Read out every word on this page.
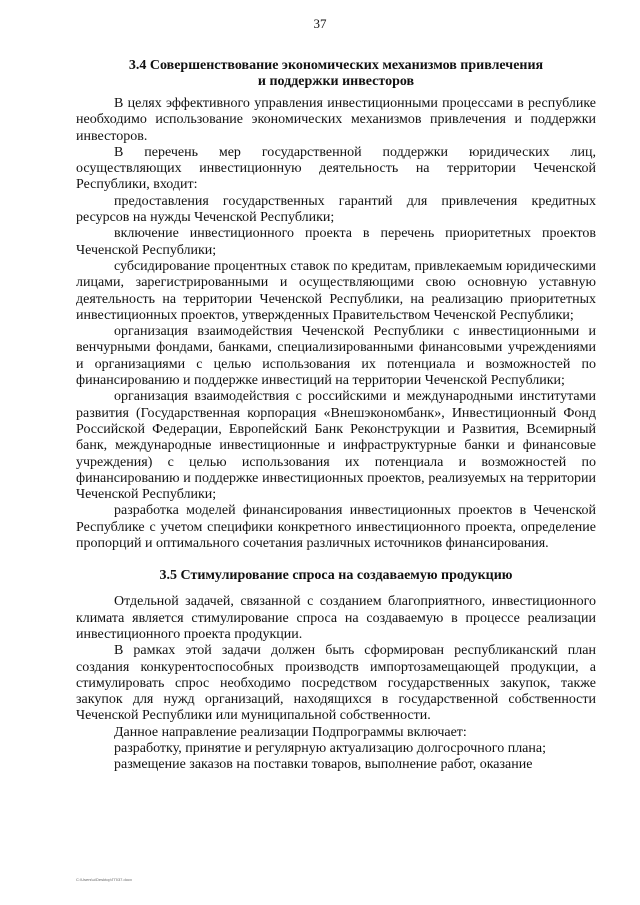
37
3.4 Совершенствование экономических механизмов привлечения
и поддержки инвесторов

В целях эффективного управления инвестиционными процессами в республике необходимо использование экономических механизмов привлечения и поддержки инвесторов.

В перечень мер государственной поддержки юридических лиц, осуществляющих инвестиционную деятельность на территории Чеченской Республики, входит:

предоставления государственных гарантий для привлечения кредитных ресурсов на нужды Чеченской Республики;

включение инвестиционного проекта в перечень приоритетных проектов Чеченской Республики;

субсидирование процентных ставок по кредитам, привлекаемым юридическими лицами, зарегистрированными и осуществляющими свою основную уставную деятельность на территории Чеченской Республики, на реализацию приоритетных инвестиционных проектов, утвержденных Правительством Чеченской Республики;

организация взаимодействия Чеченской Республики с инвестиционными и венчурными фондами, банками, специализированными финансовыми учреждениями и организациями с целью использования их потенциала и возможностей по финансированию и поддержке инвестиций на территории Чеченской Республики;

организация взаимодействия с российскими и международными институтами развития (Государственная корпорация «Внешэкономбанк», Инвестиционный Фонд Российской Федерации, Европейский Банк Реконструкции и Развития, Всемирный банк, международные инвестиционные и инфраструктурные банки и финансовые учреждения) с целью использования их потенциала и возможностей по финансированию и поддержке инвестиционных проектов, реализуемых на территории Чеченской Республики;

разработка моделей финансирования инвестиционных проектов в Чеченской Республике с учетом специфики конкретного инвестиционного проекта, определение пропорций и оптимального сочетания различных источников финансирования.

3.5 Стимулирование спроса на создаваемую продукцию

Отдельной задачей, связанной с созданием благоприятного, инвестиционного климата является стимулирование спроса на создаваемую в процессе реализации инвестиционного проекта продукции.

В рамках этой задачи должен быть сформирован республиканский план создания конкурентоспособных производств импортозамещающей продукции, а стимулировать спрос необходимо посредством государственных закупок, также закупок для нужд организаций, находящихся в государственной собственности Чеченской Республики или муниципальной собственности.

Данное направление реализации Подпрограммы включает:

разработку, принятие и регулярную актуализацию долгосрочного плана;

размещение заказов на поставки товаров, выполнение работ, оказание

C:\Users\u\Desktop\ГП\37.docx
